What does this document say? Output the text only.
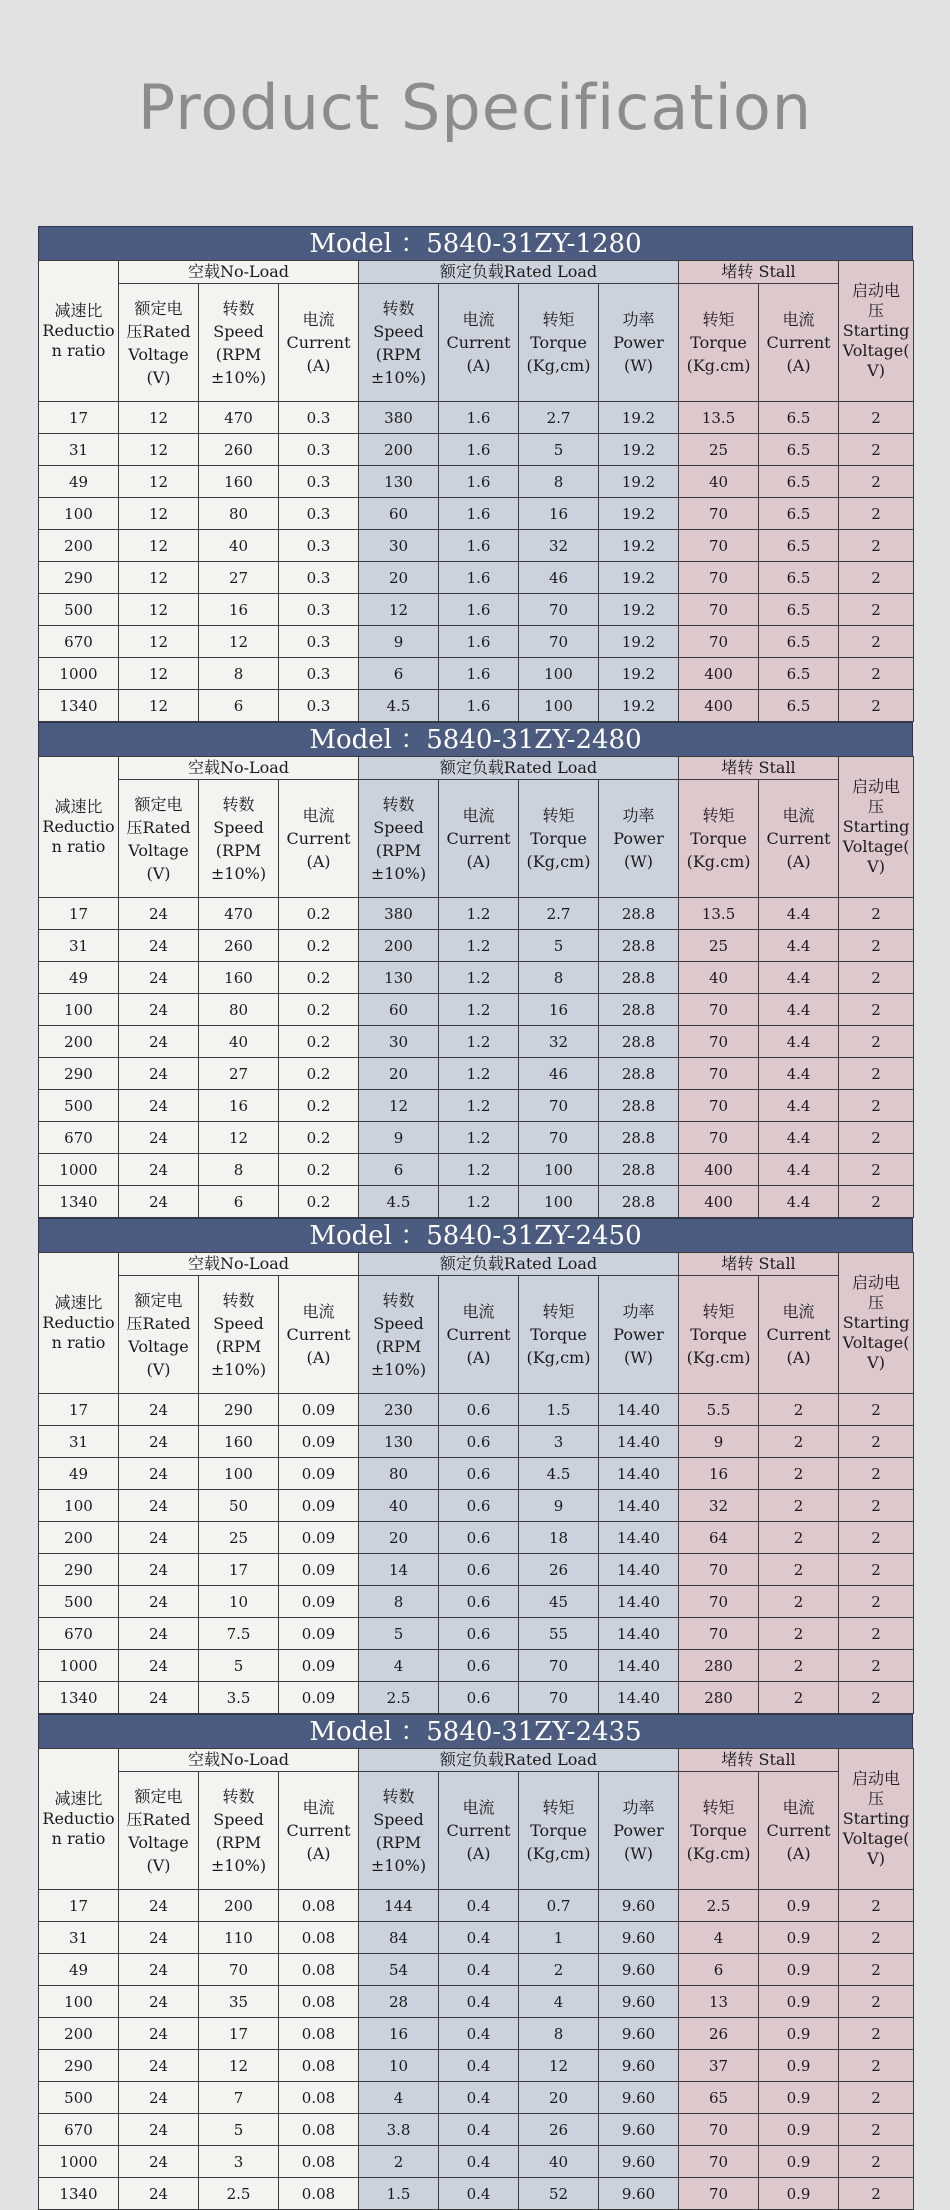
Product Specification
Model ：5840-31ZY-1280
减速比
Reductio
n ratio	空载No-Load			额定负载Rated Load				堵转 Stall		启动电
压
Starting
Voltage(
V)
	额定电
压Rated
Voltage
(V)	转数
Speed
(RPM
±10%)	电流
Current
(A)	转数
Speed
(RPM
±10%)	电流
Current
(A)	转矩
Torque
(Kg,cm)	功率
Power
(W)	转矩
Torque
(Kg.cm)	电流
Current
(A)	
17	12	470	0.3	380	1.6	2.7	19.2	13.5	6.5	2
31	12	260	0.3	200	1.6	5	19.2	25	6.5	2
49	12	160	0.3	130	1.6	8	19.2	40	6.5	2
100	12	80	0.3	60	1.6	16	19.2	70	6.5	2
200	12	40	0.3	30	1.6	32	19.2	70	6.5	2
290	12	27	0.3	20	1.6	46	19.2	70	6.5	2
500	12	16	0.3	12	1.6	70	19.2	70	6.5	2
670	12	12	0.3	9	1.6	70	19.2	70	6.5	2
1000	12	8	0.3	6	1.6	100	19.2	400	6.5	2
1340	12	6	0.3	4.5	1.6	100	19.2	400	6.5	2
Model ：5840-31ZY-2480
减速比
Reductio
n ratio	空载No-Load			额定负载Rated Load				堵转 Stall		启动电
压
Starting
Voltage(
V)
	额定电
压Rated
Voltage
(V)	转数
Speed
(RPM
±10%)	电流
Current
(A)	转数
Speed
(RPM
±10%)	电流
Current
(A)	转矩
Torque
(Kg,cm)	功率
Power
(W)	转矩
Torque
(Kg.cm)	电流
Current
(A)	
17	24	470	0.2	380	1.2	2.7	28.8	13.5	4.4	2
31	24	260	0.2	200	1.2	5	28.8	25	4.4	2
49	24	160	0.2	130	1.2	8	28.8	40	4.4	2
100	24	80	0.2	60	1.2	16	28.8	70	4.4	2
200	24	40	0.2	30	1.2	32	28.8	70	4.4	2
290	24	27	0.2	20	1.2	46	28.8	70	4.4	2
500	24	16	0.2	12	1.2	70	28.8	70	4.4	2
670	24	12	0.2	9	1.2	70	28.8	70	4.4	2
1000	24	8	0.2	6	1.2	100	28.8	400	4.4	2
1340	24	6	0.2	4.5	1.2	100	28.8	400	4.4	2
Model ：5840-31ZY-2450
减速比
Reductio
n ratio	空载No-Load			额定负载Rated Load				堵转 Stall		启动电
压
Starting
Voltage(
V)
	额定电
压Rated
Voltage
(V)	转数
Speed
(RPM
±10%)	电流
Current
(A)	转数
Speed
(RPM
±10%)	电流
Current
(A)	转矩
Torque
(Kg,cm)	功率
Power
(W)	转矩
Torque
(Kg.cm)	电流
Current
(A)	
17	24	290	0.09	230	0.6	1.5	14.40	5.5	2	2
31	24	160	0.09	130	0.6	3	14.40	9	2	2
49	24	100	0.09	80	0.6	4.5	14.40	16	2	2
100	24	50	0.09	40	0.6	9	14.40	32	2	2
200	24	25	0.09	20	0.6	18	14.40	64	2	2
290	24	17	0.09	14	0.6	26	14.40	70	2	2
500	24	10	0.09	8	0.6	45	14.40	70	2	2
670	24	7.5	0.09	5	0.6	55	14.40	70	2	2
1000	24	5	0.09	4	0.6	70	14.40	280	2	2
1340	24	3.5	0.09	2.5	0.6	70	14.40	280	2	2
Model ：5840-31ZY-2435
减速比
Reductio
n ratio	空载No-Load			额定负载Rated Load				堵转 Stall		启动电
压
Starting
Voltage(
V)
	额定电
压Rated
Voltage
(V)	转数
Speed
(RPM
±10%)	电流
Current
(A)	转数
Speed
(RPM
±10%)	电流
Current
(A)	转矩
Torque
(Kg,cm)	功率
Power
(W)	转矩
Torque
(Kg.cm)	电流
Current
(A)	
17	24	200	0.08	144	0.4	0.7	9.60	2.5	0.9	2
31	24	110	0.08	84	0.4	1	9.60	4	0.9	2
49	24	70	0.08	54	0.4	2	9.60	6	0.9	2
100	24	35	0.08	28	0.4	4	9.60	13	0.9	2
200	24	17	0.08	16	0.4	8	9.60	26	0.9	2
290	24	12	0.08	10	0.4	12	9.60	37	0.9	2
500	24	7	0.08	4	0.4	20	9.60	65	0.9	2
670	24	5	0.08	3.8	0.4	26	9.60	70	0.9	2
1000	24	3	0.08	2	0.4	40	9.60	70	0.9	2
1340	24	2.5	0.08	1.5	0.4	52	9.60	70	0.9	2
